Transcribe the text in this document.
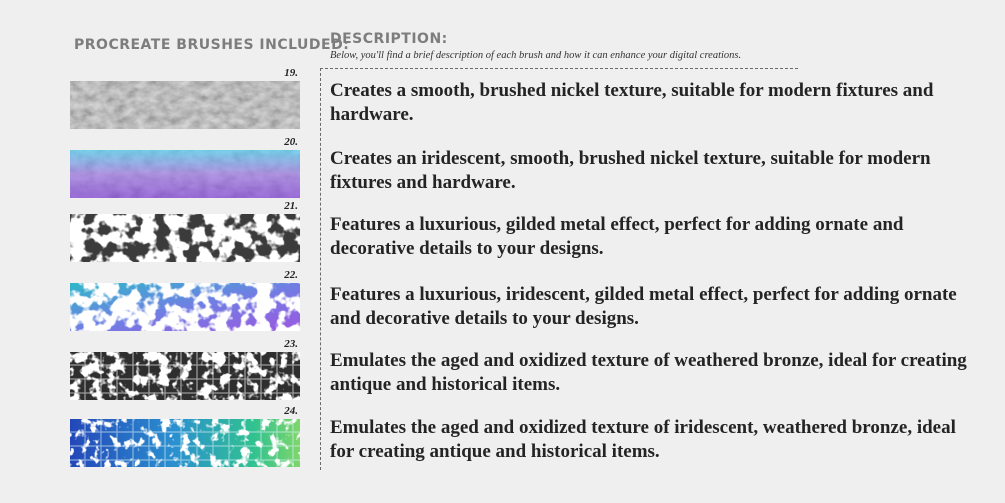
PROCREATE BRUSHES INCLUDED:
DESCRIPTION:
Below, you'll find a brief description of each brush and how it can enhance your digital creations.
19.
20.
21.
22.
23.
24.
Creates a smooth, brushed nickel texture, suitable for modern fixtures and hardware.
Creates an iridescent, smooth, brushed nickel texture, suitable for modern fixtures and hardware.
Features a luxurious, gilded metal effect, perfect for adding ornate and decorative details to your designs.
Features a luxurious, iridescent, gilded metal effect, perfect for adding ornate and decorative details to your designs.
Emulates the aged and oxidized texture of weathered bronze, ideal for creating antique and historical items.
Emulates the aged and oxidized texture of iridescent, weathered bronze, ideal for creating antique and historical items.
